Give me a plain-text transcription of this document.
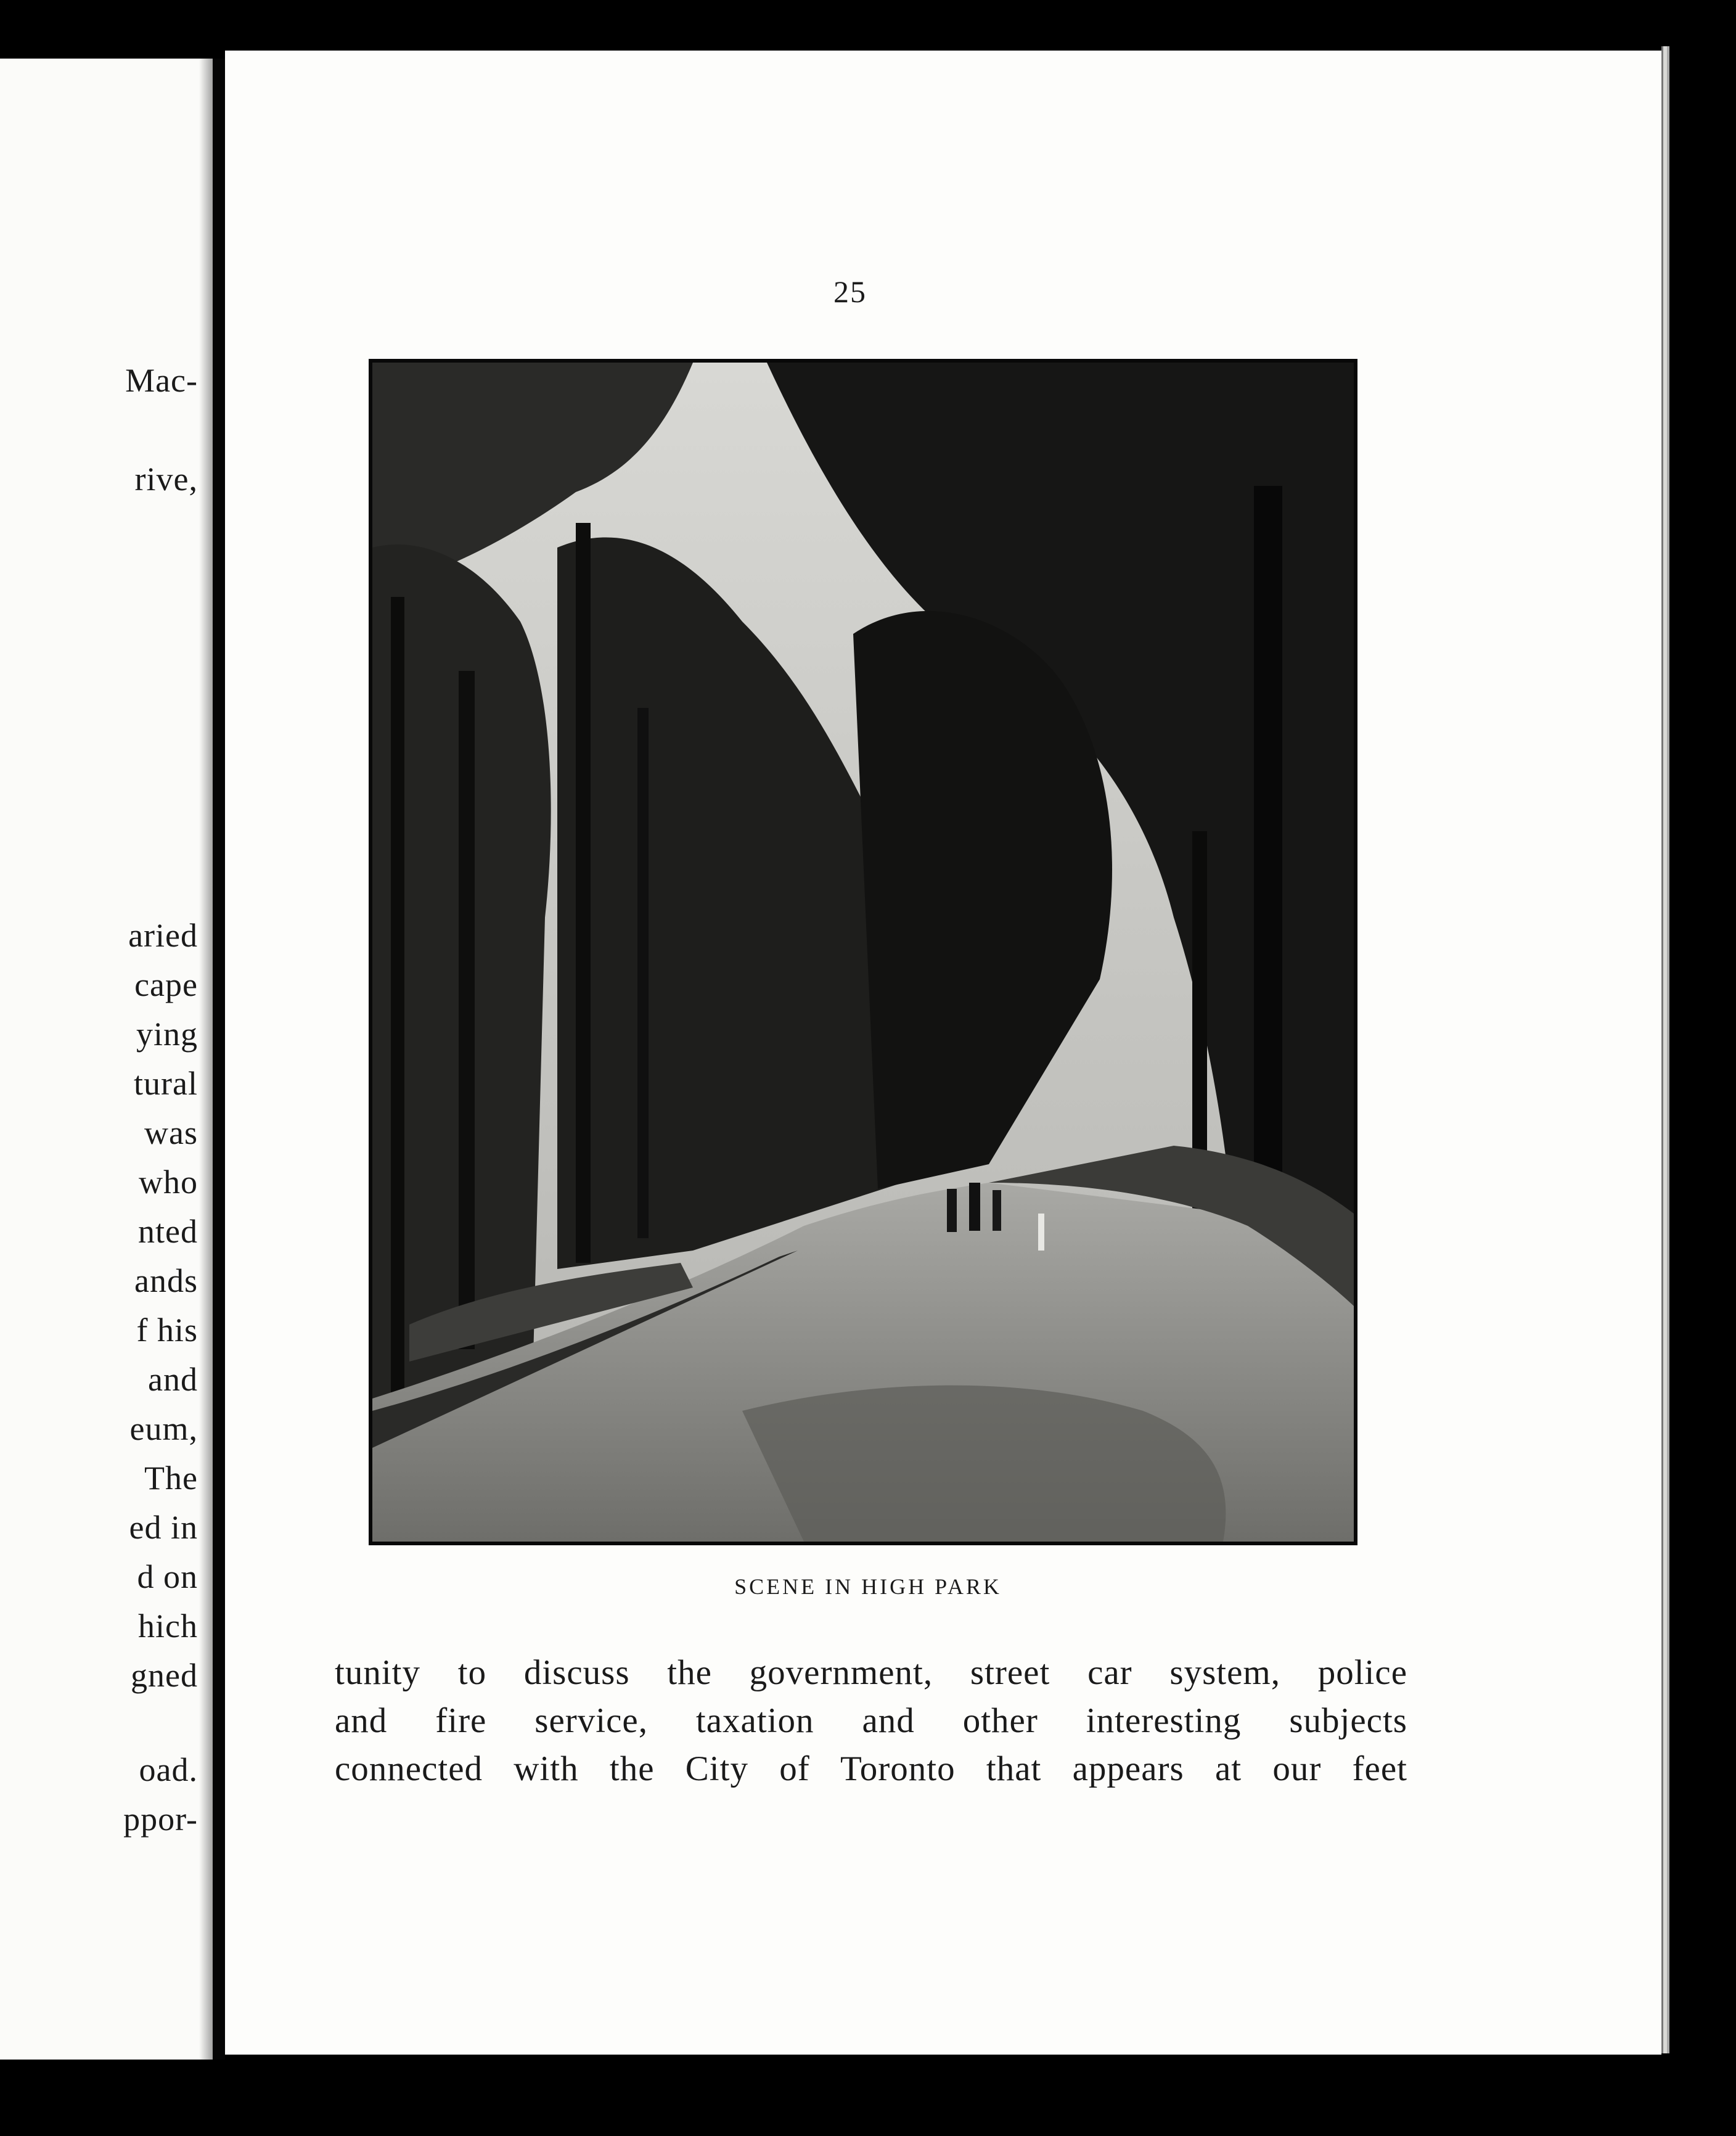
Mac-
rive,
aried
cape
ying
tural
was
who
nted
ands
f his
and
eum,
The
ed in
d on
hich
gned
oad.
ppor-
25
SCENE IN HIGH PARK
tunity to discuss the government, street car system, police
and fire service, taxation and other interesting subjects
connected with the City of Toronto that appears at our feet
